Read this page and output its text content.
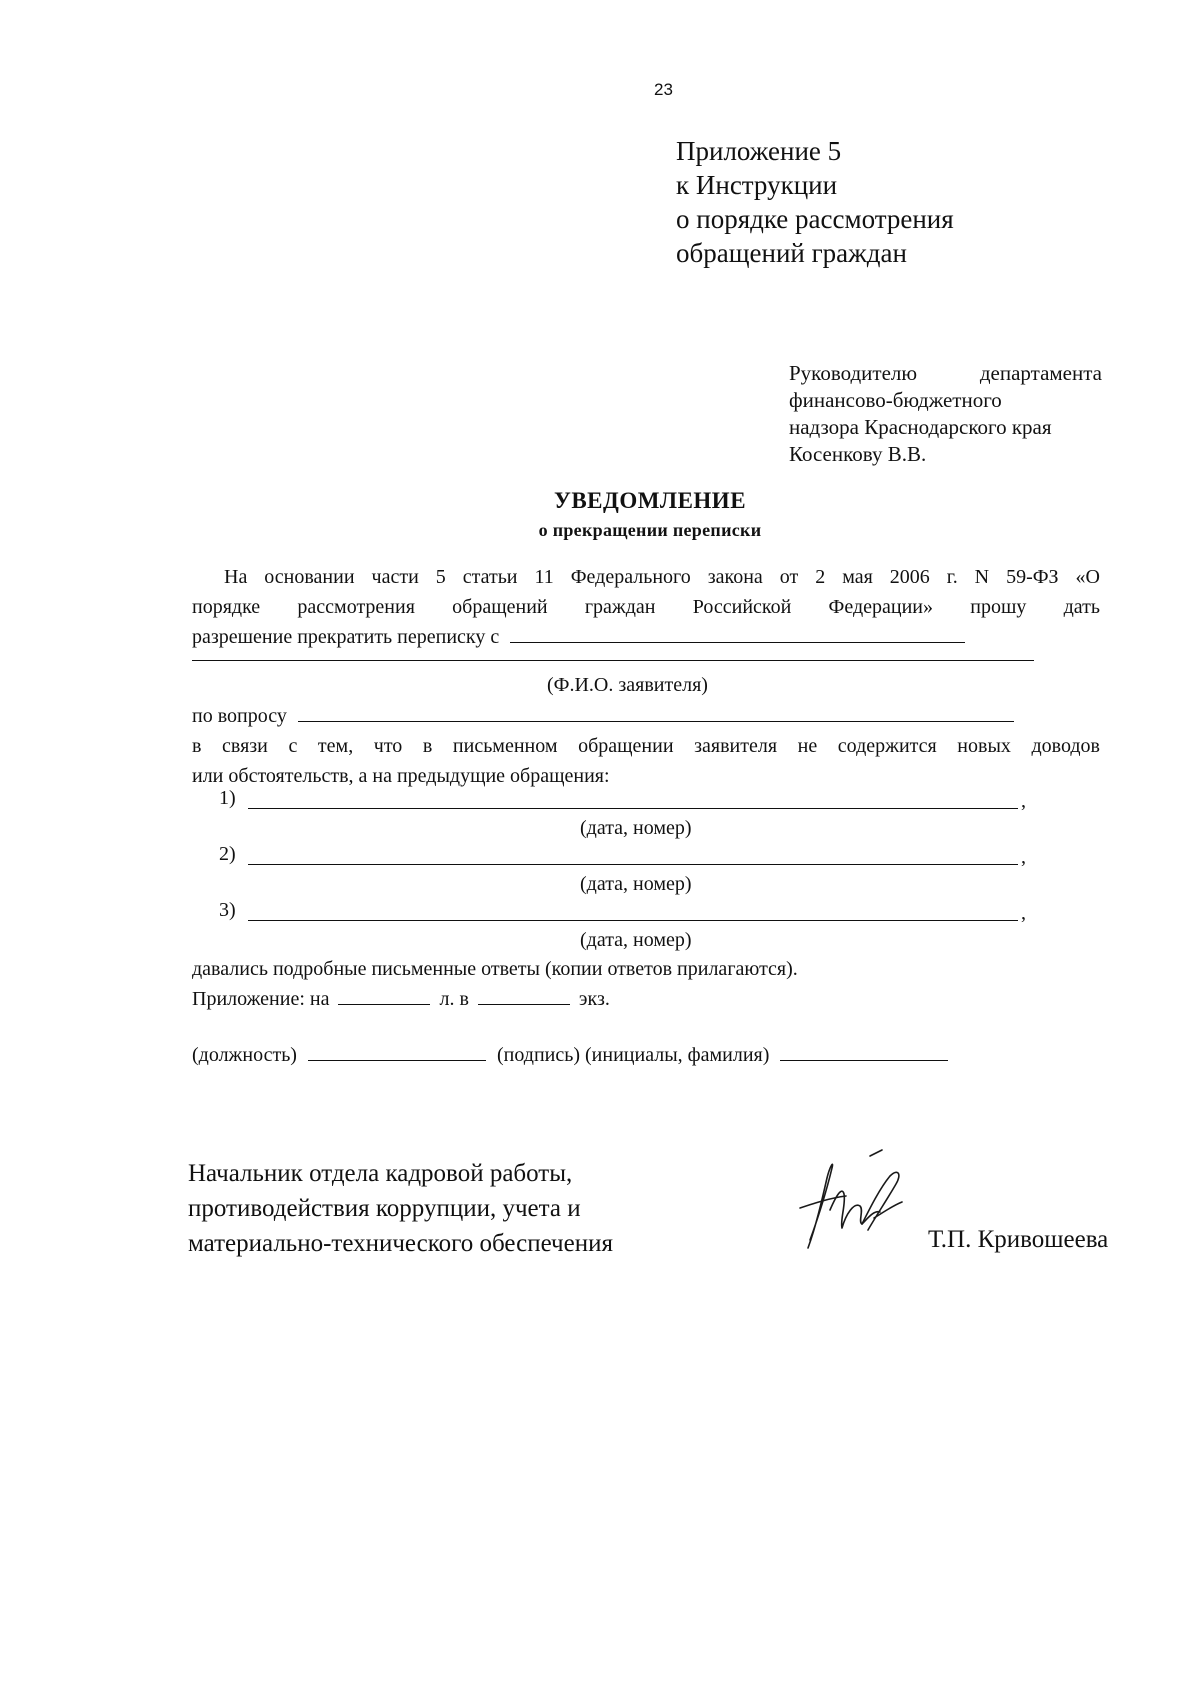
23
Приложение 5
к Инструкции
о порядке рассмотрения
обращений граждан
Руководителю	департамента
финансово-бюджетного
надзора Краснодарского края
Косенкову В.В.
УВЕДОМЛЕНИЕ
о прекращении переписки
На основании части 5 статьи 11 Федерального закона от 2 мая 2006 г. N 59-ФЗ «О
порядке рассмотрения обращений граждан Российской Федерации» прошу дать
разрешение прекратить переписку с
(Ф.И.О. заявителя)
по вопросу
в связи с тем, что в письменном обращении заявителя не содержится новых доводов
или обстоятельств, а на предыдущие обращения:
1)	,
(дата, номер)
2)	,
(дата, номер)
3)	,
(дата, номер)
давались подробные письменные ответы (копии ответов прилагаются).
Приложение: на	л. в	экз.
(должность)	(подпись) (инициалы, фамилия)
Начальник отдела кадровой работы,
противодействия коррупции, учета и
материально-технического обеспечения	Т.П. Кривошеева
